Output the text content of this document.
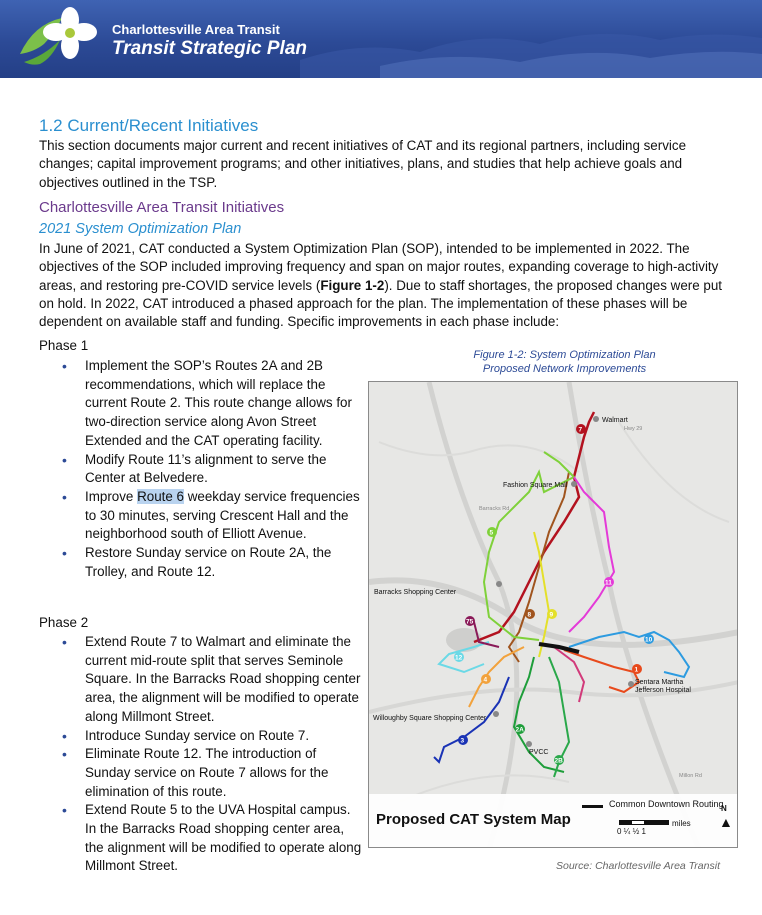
Charlottesville Area Transit
Transit Strategic Plan
1.2 Current/Recent Initiatives
This section documents major current and recent initiatives of CAT and its regional partners, including service changes; capital improvement programs; and other initiatives, plans, and studies that help achieve goals and objectives outlined in the TSP.
Charlottesville Area Transit Initiatives
2021 System Optimization Plan
In June of 2021, CAT conducted a System Optimization Plan (SOP), intended to be implemented in 2022. The objectives of the SOP included improving frequency and span on major routes, expanding coverage to high-activity areas, and restoring pre-COVID service levels (Figure 1-2). Due to staff shortages, the proposed changes were put on hold. In 2022, CAT introduced a phased approach for the plan. The implementation of these phases will be dependent on available staff and funding. Specific improvements in each phase include:
Phase 1
• Implement the SOP’s Routes 2A and 2B recommendations, which will replace the current Route 2. This route change allows for two-direction service along Avon Street Extended and the CAT operating facility.
• Modify Route 11’s alignment to serve the Center at Belvedere.
• Improve Route 6 weekday service frequencies to 30 minutes, serving Crescent Hall and the neighborhood south of Elliott Avenue.
• Restore Sunday service on Route 2A, the Trolley, and Route 12.
Phase 2
• Extend Route 7 to Walmart and eliminate the current mid-route split that serves Seminole Square. In the Barracks Road shopping center area, the alignment will be modified to operate along Millmont Street.
• Introduce Sunday service on Route 7.
• Eliminate Route 12. The introduction of Sunday service on Route 7 allows for the elimination of this route.
• Extend Route 5 to the UVA Hospital campus. In the Barracks Road shopping center area, the alignment will be modified to operate along Millmont Street.
Figure 1-2: System Optimization Plan
Proposed Network Improvements
Barracks Rd
Hwy 29
Millon Rd
7
5
11
75
8	9
10
4
1
12
2A
3
2B
Walmart
Fashion Square Mall
Barracks Shopping Center
Willoughby Square Shopping Center
Sentara Martha
Jefferson Hospital
PVCC
Proposed CAT System Map
Common Downtown Routing
0 ¼ ½ 1
miles
N
▲
Source: Charlottesville Area Transit
